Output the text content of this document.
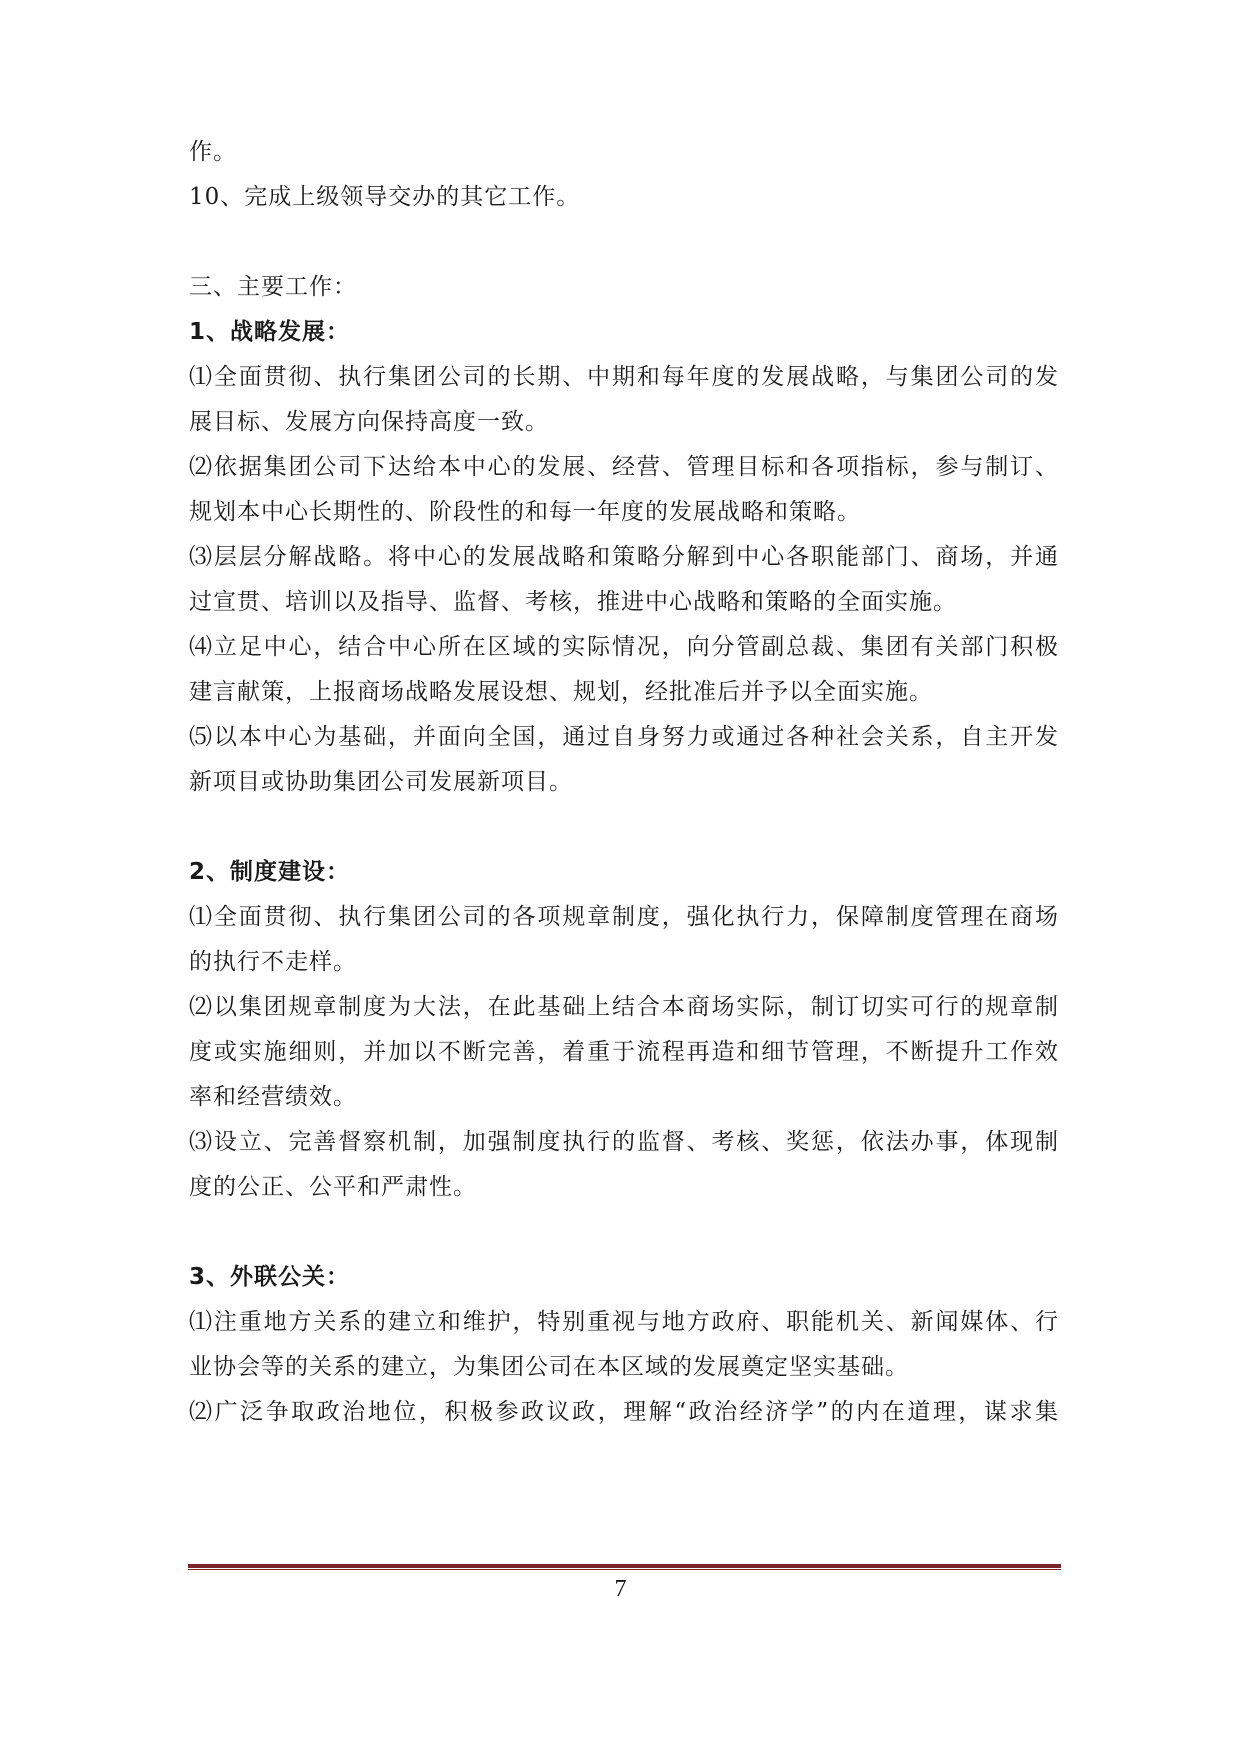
作。
10、完成上级领导交办的其它工作。
三、主要工作：
1、战略发展：
⑴全面贯彻、执行集团公司的长期、中期和每年度的发展战略，与集团公司的发
展目标、发展方向保持高度一致。
⑵依据集团公司下达给本中心的发展、经营、管理目标和各项指标，参与制订、
规划本中心长期性的、阶段性的和每一年度的发展战略和策略。
⑶层层分解战略。将中心的发展战略和策略分解到中心各职能部门、商场，并通
过宣贯、培训以及指导、监督、考核，推进中心战略和策略的全面实施。
⑷立足中心，结合中心所在区域的实际情况，向分管副总裁、集团有关部门积极
建言献策，上报商场战略发展设想、规划，经批准后并予以全面实施。
⑸以本中心为基础，并面向全国，通过自身努力或通过各种社会关系，自主开发
新项目或协助集团公司发展新项目。
2、制度建设：
⑴全面贯彻、执行集团公司的各项规章制度，强化执行力，保障制度管理在商场
的执行不走样。
⑵以集团规章制度为大法，在此基础上结合本商场实际，制订切实可行的规章制
度或实施细则，并加以不断完善，着重于流程再造和细节管理，不断提升工作效
率和经营绩效。
⑶设立、完善督察机制，加强制度执行的监督、考核、奖惩，依法办事，体现制
度的公正、公平和严肃性。
3、外联公关：
⑴注重地方关系的建立和维护，特别重视与地方政府、职能机关、新闻媒体、行
业协会等的关系的建立，为集团公司在本区域的发展奠定坚实基础。
⑵广泛争取政治地位，积极参政议政，理解“政治经济学”的内在道理，谋求集
7
